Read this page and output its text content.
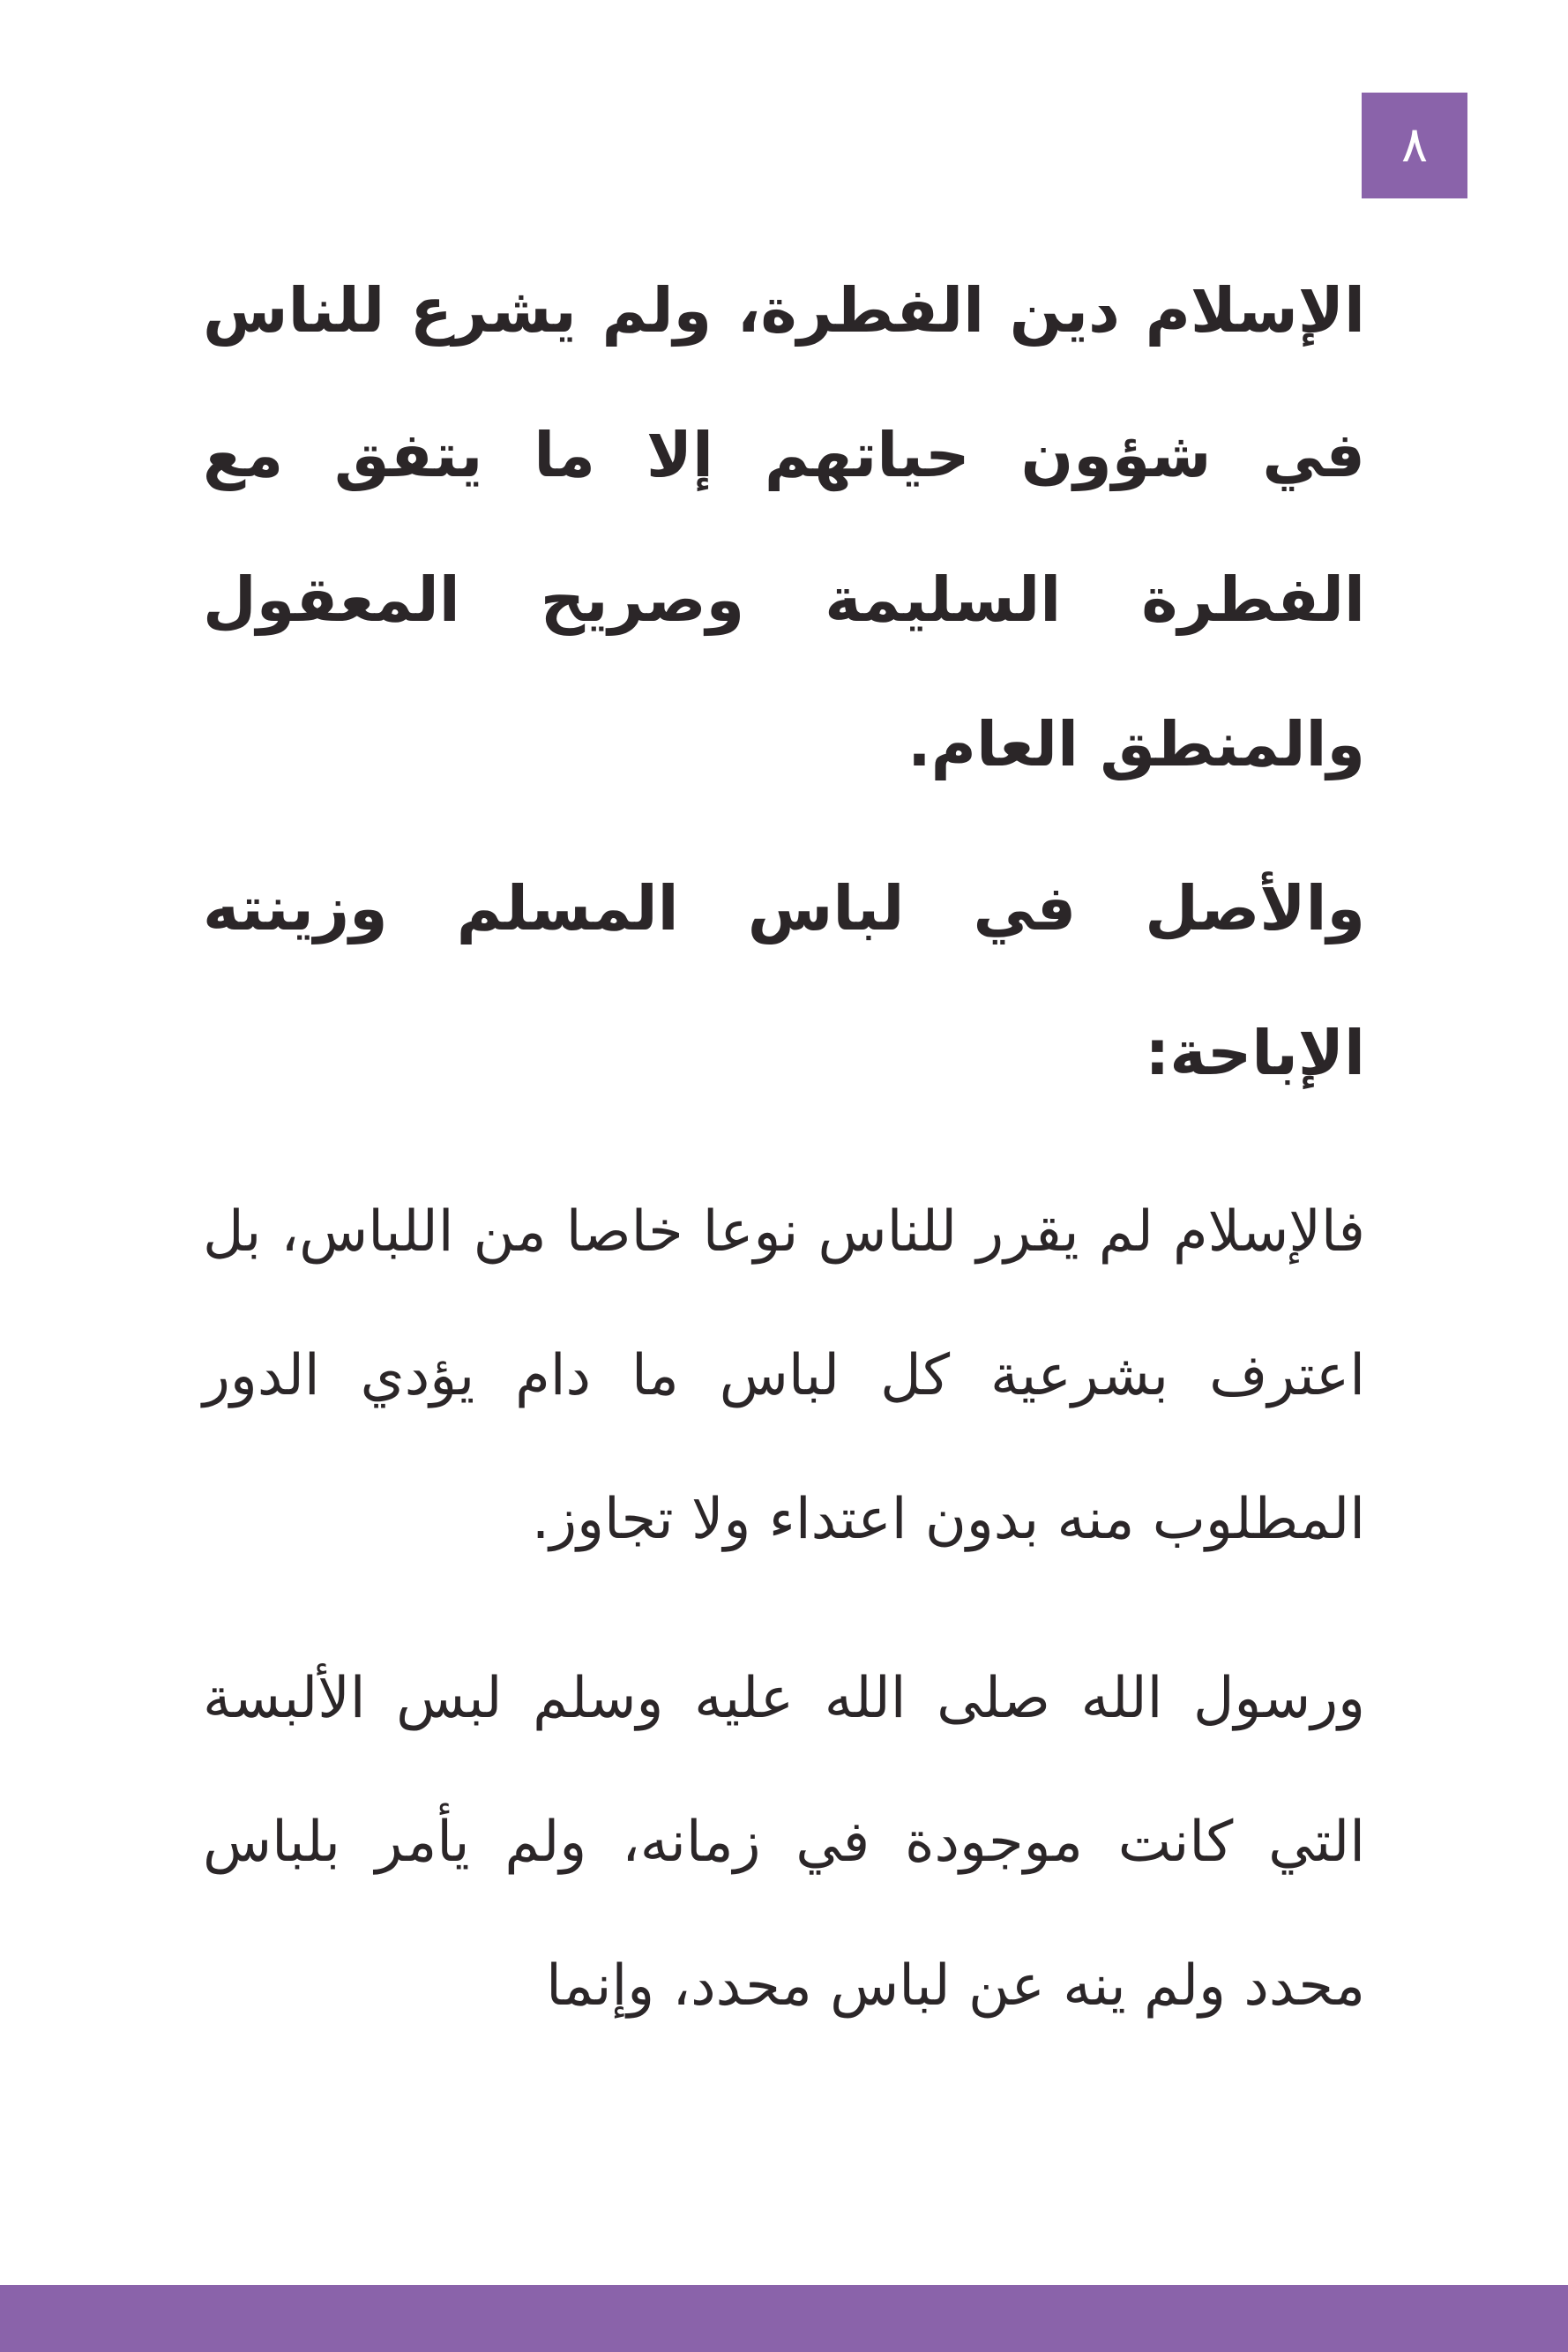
٨

الإسلام دين الفطرة، ولم يشرع للناس في شؤون حياتهم إلا ما يتفق مع الفطرة السليمة وصريح المعقول والمنطق العام.

والأصل في لباس المسلم وزينته الإباحة:

فالإسلام لم يقرر للناس نوعا خاصا من اللباس، بل اعترف بشرعية كل لباس ما دام يؤدي الدور المطلوب منه بدون اعتداء ولا تجاوز.

ورسول الله صلى الله عليه وسلم لبس الألبسة التي كانت موجودة في زمانه، ولم يأمر بلباس محدد ولم ينه عن لباس محدد، وإنما
